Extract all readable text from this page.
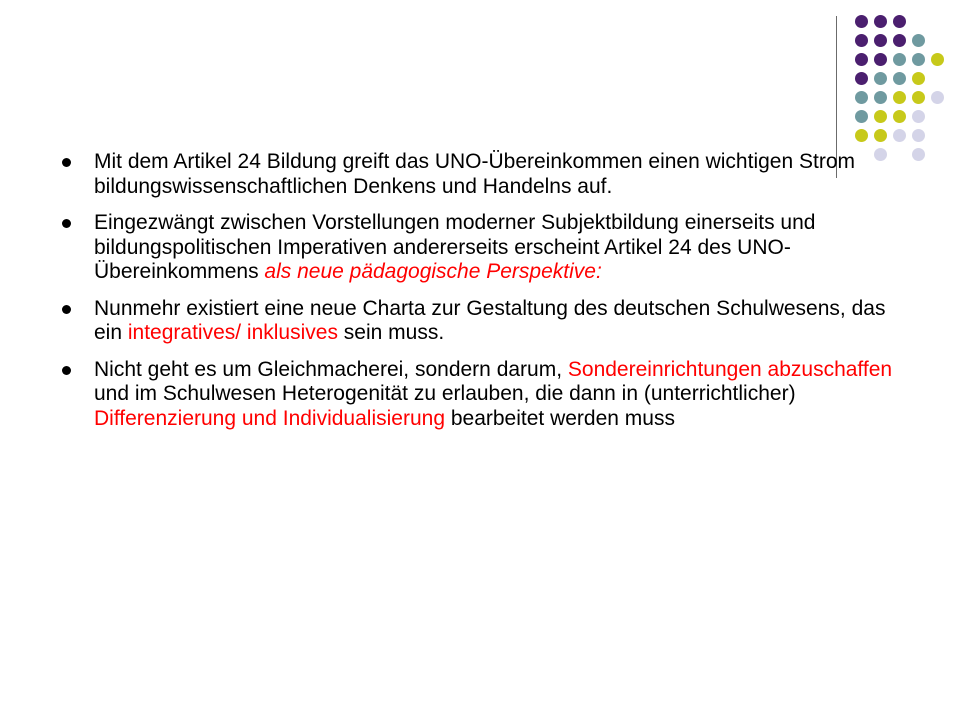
Mit dem Artikel 24 Bildung greift das UNO-Übereinkommen einen wichtigen Strom bildungswissenschaftlichen Denkens und Handelns auf.
Eingezwängt zwischen Vorstellungen moderner Subjektbildung einerseits und bildungspolitischen Imperativen andererseits erscheint Artikel 24 des UNO-Übereinkommens als neue pädagogische Perspektive:
Nunmehr existiert eine neue Charta zur Gestaltung des deutschen Schulwesens, das ein integratives/ inklusives sein muss.
Nicht geht es um Gleichmacherei, sondern darum, Sondereinrichtungen abzuschaffen und im Schulwesen Heterogenität zu erlauben, die dann in (unterrichtlicher) Differenzierung und Individualisierung bearbeitet werden muss
